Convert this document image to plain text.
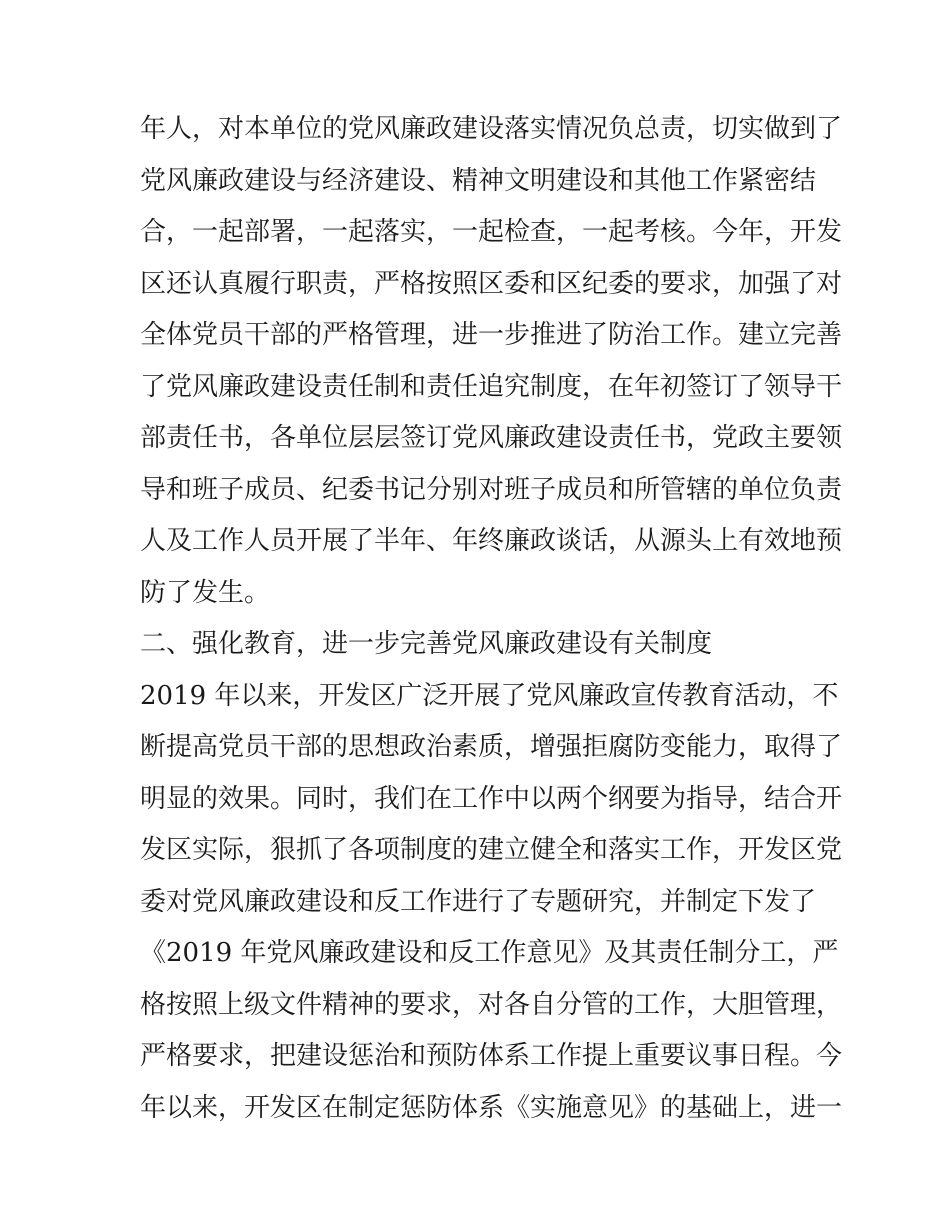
年人，对本单位的党风廉政建设落实情况负总责，切实做到了
党风廉政建设与经济建设、精神文明建设和其他工作紧密结
合，一起部署，一起落实，一起检查，一起考核。今年，开发
区还认真履行职责，严格按照区委和区纪委的要求，加强了对
全体党员干部的严格管理，进一步推进了防治工作。建立完善
了党风廉政建设责任制和责任追究制度，在年初签订了领导干
部责任书，各单位层层签订党风廉政建设责任书，党政主要领
导和班子成员、纪委书记分别对班子成员和所管辖的单位负责
人及工作人员开展了半年、年终廉政谈话，从源头上有效地预
防了发生。
二、强化教育，进一步完善党风廉政建设有关制度
2019 年以来，开发区广泛开展了党风廉政宣传教育活动，不
断提高党员干部的思想政治素质，增强拒腐防变能力，取得了
明显的效果。同时，我们在工作中以两个纲要为指导，结合开
发区实际，狠抓了各项制度的建立健全和落实工作，开发区党
委对党风廉政建设和反工作进行了专题研究，并制定下发了
《2019 年党风廉政建设和反工作意见》及其责任制分工，严
格按照上级文件精神的要求，对各自分管的工作，大胆管理，
严格要求，把建设惩治和预防体系工作提上重要议事日程。今
年以来，开发区在制定惩防体系《实施意见》的基础上，进一
